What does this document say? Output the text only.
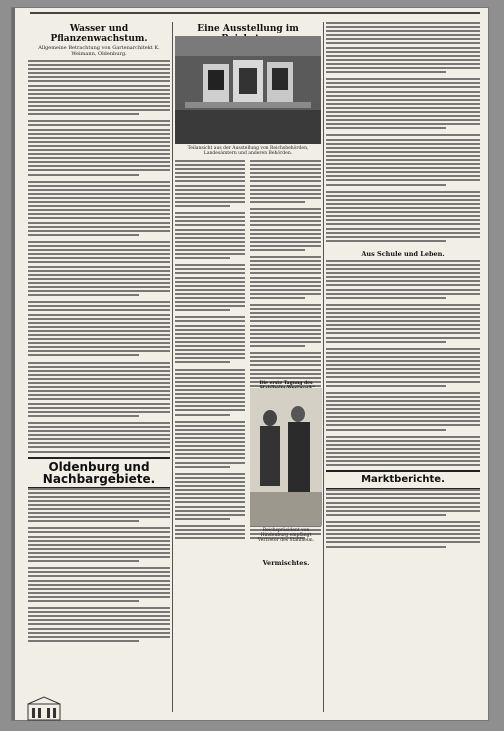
Wasser und Pflanzenwachstum.
Allgemeine Betrachtung von Gartenarchitekt K. Weimann, Oldenburg.
Oldenburg und Nachbargebiete.
Eine Ausstellung im
Teilansicht aus der Ausstellung von Reichsbehörden, Landesämtern und anderen Behörden.
Die erste Tagung des
Reichspräsident von Hindenburg empfängt Vertreter des Stahlhelm.
Vermischtes.
Aus Schule und Leben.
Marktberichte.
